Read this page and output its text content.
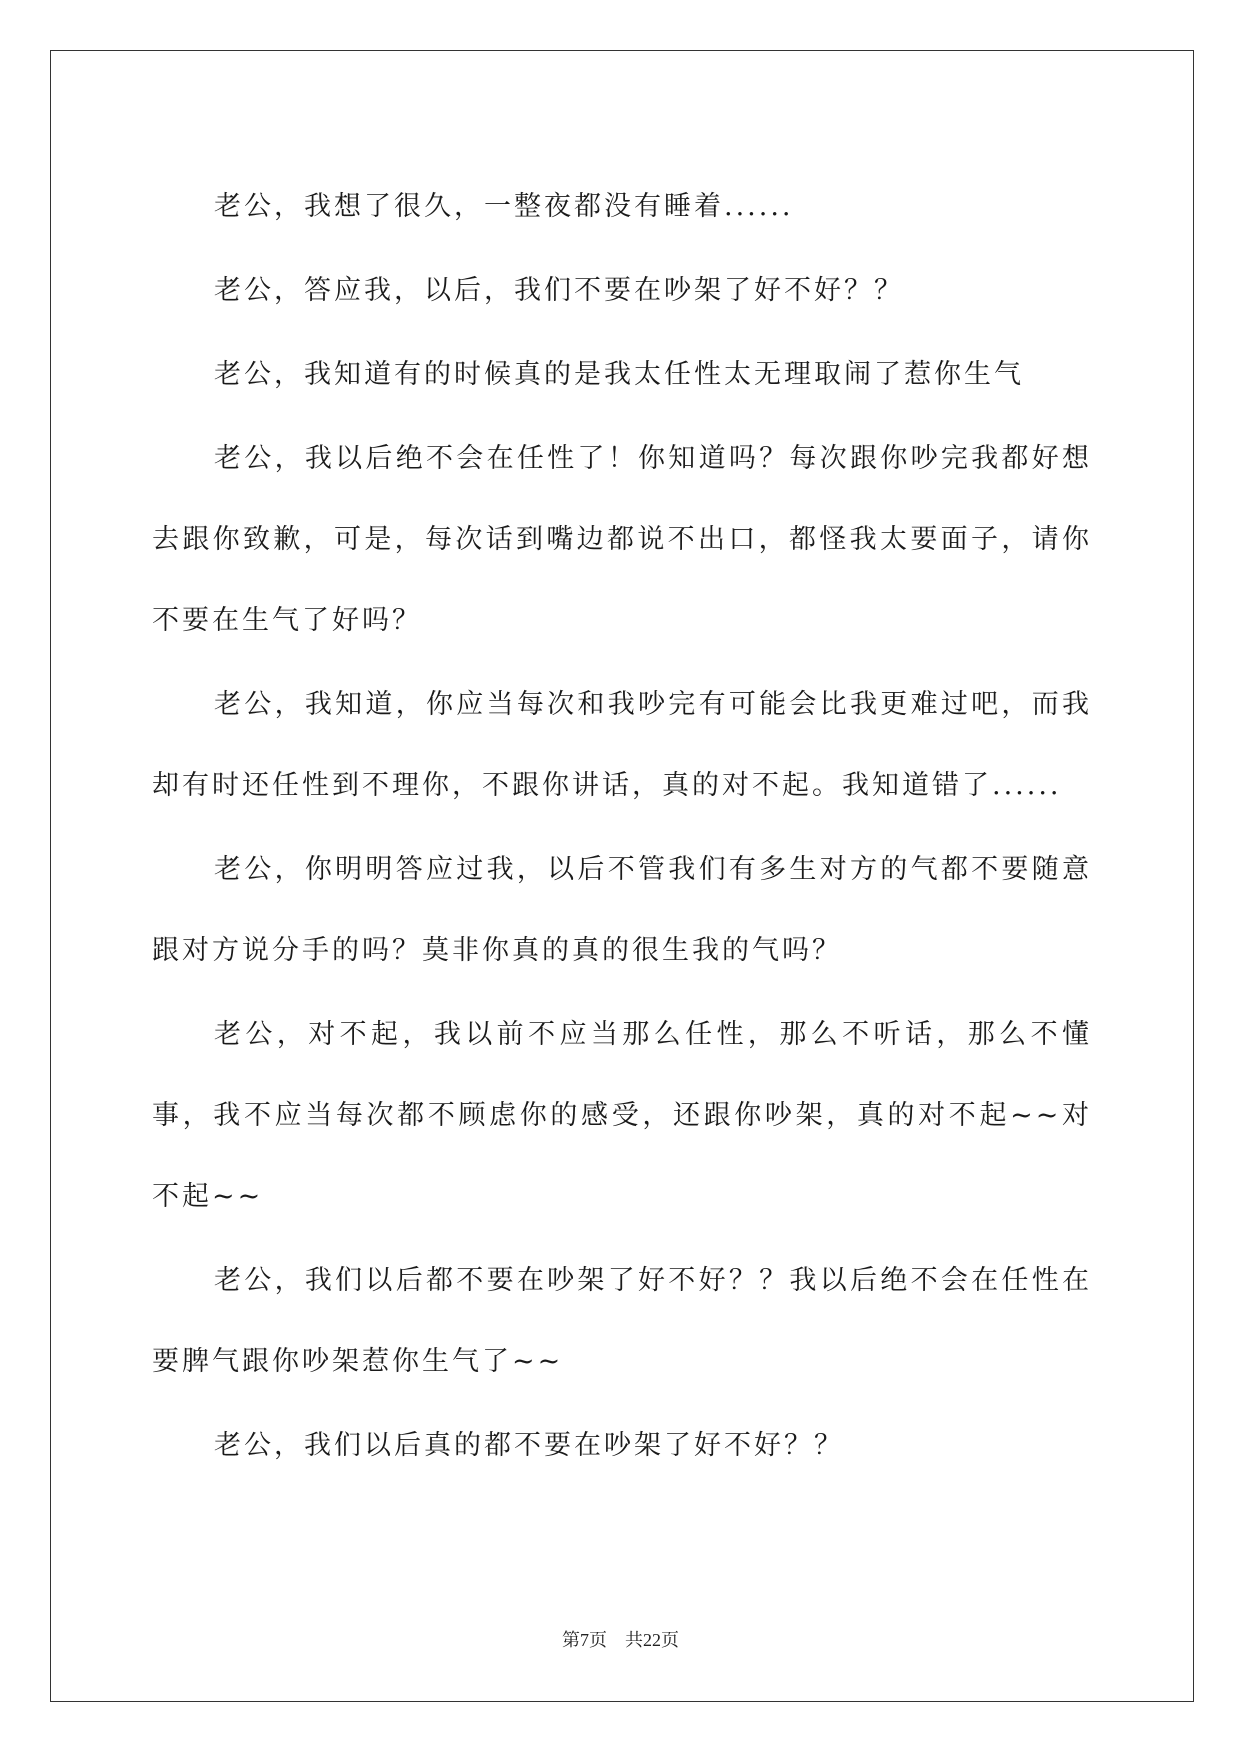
老公，我想了很久，一整夜都没有睡着......

老公，答应我，以后，我们不要在吵架了好不好？？

老公，我知道有的时候真的是我太任性太无理取闹了惹你生气

老公，我以后绝不会在任性了！你知道吗？每次跟你吵完我都好想去跟你致歉，可是，每次话到嘴边都说不出口，都怪我太要面子，请你不要在生气了好吗？

老公，我知道，你应当每次和我吵完有可能会比我更难过吧，而我却有时还任性到不理你，不跟你讲话，真的对不起。我知道错了......

老公，你明明答应过我，以后不管我们有多生对方的气都不要随意跟对方说分手的吗？莫非你真的真的很生我的气吗？

老公，对不起，我以前不应当那么任性，那么不听话，那么不懂事，我不应当每次都不顾虑你的感受，还跟你吵架，真的对不起~~对不起~~

老公，我们以后都不要在吵架了好不好？？我以后绝不会在任性在要脾气跟你吵架惹你生气了~~

老公，我们以后真的都不要在吵架了好不好？？

第7页　共22页
